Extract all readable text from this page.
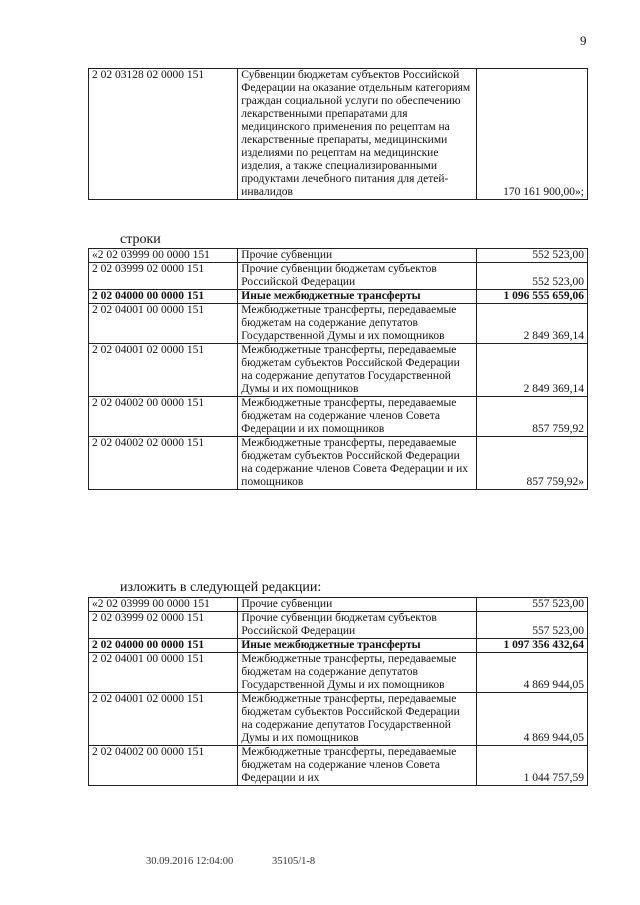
9
2 02 03128 02 0000 151	Субвенции бюджетам субъектов Российской Федерации на оказание отдельным категориям граждан социальной услуги по обеспечению лекарственными препаратами для медицинского применения по рецептам на лекарственные препараты, медицинскими изделиями по рецептам на медицинские изделия, а также специализированными продуктами лечебного питания для детей-инвалидов	170 161 900,00»;
строки
«2 02 03999 00 0000 151	Прочие субвенции	552 523,00
2 02 03999 02 0000 151	Прочие субвенции бюджетам субъектов Российской Федерации	552 523,00
2 02 04000 00 0000 151	Иные межбюджетные трансферты	1 096 555 659,06
2 02 04001 00 0000 151	Межбюджетные трансферты, передаваемые бюджетам на содержание депутатов Государственной Думы и их помощников	2 849 369,14
2 02 04001 02 0000 151	Межбюджетные трансферты, передаваемые бюджетам субъектов Российской Федерации на содержание депутатов Государственной Думы и их помощников	2 849 369,14
2 02 04002 00 0000 151	Межбюджетные трансферты, передаваемые бюджетам на содержание членов Совета Федерации и их помощников	857 759,92
2 02 04002 02 0000 151	Межбюджетные трансферты, передаваемые бюджетам субъектов Российской Федерации на содержание членов Совета Федерации и их помощников	857 759,92»
изложить в следующей редакции:
«2 02 03999 00 0000 151	Прочие субвенции	557 523,00
2 02 03999 02 0000 151	Прочие субвенции бюджетам субъектов Российской Федерации	557 523,00
2 02 04000 00 0000 151	Иные межбюджетные трансферты	1 097 356 432,64
2 02 04001 00 0000 151	Межбюджетные трансферты, передаваемые бюджетам на содержание депутатов Государственной Думы и их помощников	4 869 944,05
2 02 04001 02 0000 151	Межбюджетные трансферты, передаваемые бюджетам субъектов Российской Федерации на содержание депутатов Государственной Думы и их помощников	4 869 944,05
2 02 04002 00 0000 151	Межбюджетные трансферты, передаваемые бюджетам на содержание членов Совета Федерации и их	1 044 757,59
30.09.2016 12:04:00	35105/1-8
